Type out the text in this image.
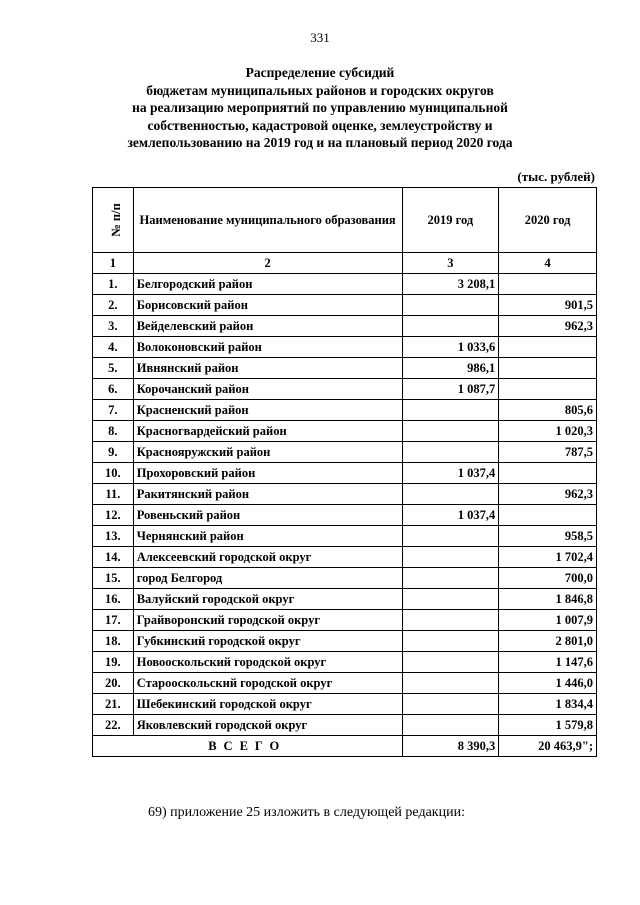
331
Распределение субсидий
бюджетам муниципальных районов и городских округов
на реализацию мероприятий по управлению муниципальной
собственностью, кадастровой оценке, землеустройству и
землепользованию на 2019 год и на плановый период 2020 года
(тыс. рублей)
№ п/п	Наименование муниципального образования	2019 год	2020 год
1	2	3	4
1.	Белгородский район	3 208,1	
2.	Борисовский район		901,5
3.	Вейделевский район		962,3
4.	Волоконовский район	1 033,6	
5.	Ивнянский район	986,1	
6.	Корочанский район	1 087,7	
7.	Красненский район		805,6
8.	Красногвардейский район		1 020,3
9.	Краснояружский район		787,5
10.	Прохоровский район	1 037,4	
11.	Ракитянский район		962,3
12.	Ровеньский район	1 037,4	
13.	Чернянский район		958,5
14.	Алексеевский городской округ		1 702,4
15.	город Белгород		700,0
16.	Валуйский городской округ		1 846,8
17.	Грайворонский городской округ		1 007,9
18.	Губкинский городской округ		2 801,0
19.	Новооскольский городской округ		1 147,6
20.	Старооскольский городской округ		1 446,0
21.	Шебекинский городской округ		1 834,4
22.	Яковлевский городской округ		1 579,8
ВСЕГО		8 390,3	20 463,9";
69) приложение 25 изложить в следующей редакции:
